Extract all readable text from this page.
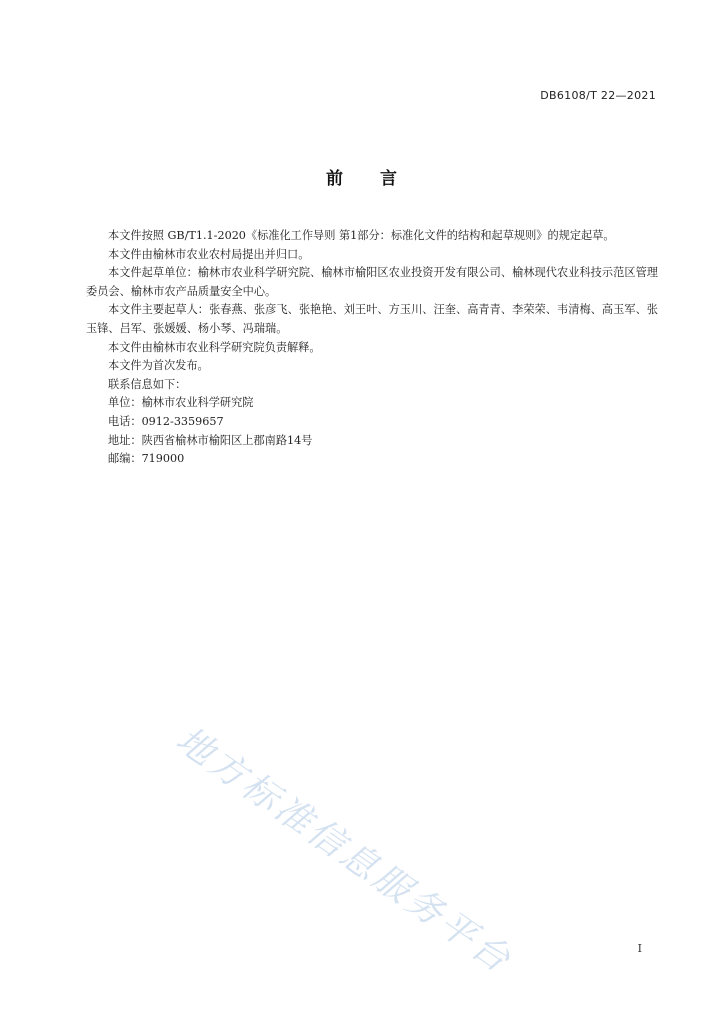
DB6108/T 22—2021
前 言

本文件按照 GB/T1.1-2020《标准化工作导则 第1部分：标准化文件的结构和起草规则》的规定起草。

本文件由榆林市农业农村局提出并归口。

本文件起草单位：榆林市农业科学研究院、榆林市榆阳区农业投资开发有限公司、榆林现代农业科技示范区管理委员会、榆林市农产品质量安全中心。

本文件主要起草人：张春燕、张彦飞、张艳艳、刘王叶、方玉川、汪奎、高青青、李荣荣、韦清梅、高玉军、张玉锋、吕军、张媛媛、杨小琴、冯瑞瑞。

本文件由榆林市农业科学研究院负责解释。

本文件为首次发布。

联系信息如下：

单位：榆林市农业科学研究院

电话：0912-3359657

地址：陕西省榆林市榆阳区上郡南路14号

邮编：719000

地方标准信息服务平台	I
